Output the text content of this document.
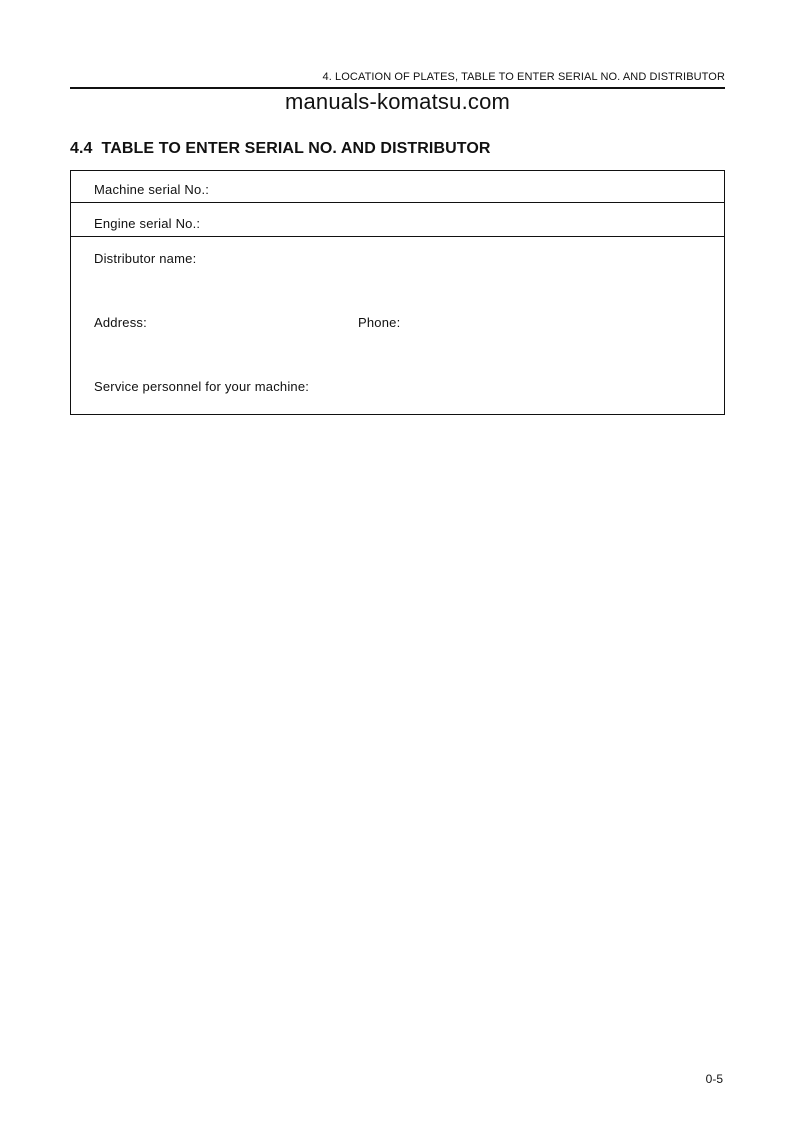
4. LOCATION OF PLATES, TABLE TO ENTER SERIAL NO. AND DISTRIBUTOR
manuals-komatsu.com
4.4 TABLE TO ENTER SERIAL NO. AND DISTRIBUTOR
Machine serial No.:
Engine serial No.:
Distributor name:
Address:	Phone:
Service personnel for your machine:
0-5
